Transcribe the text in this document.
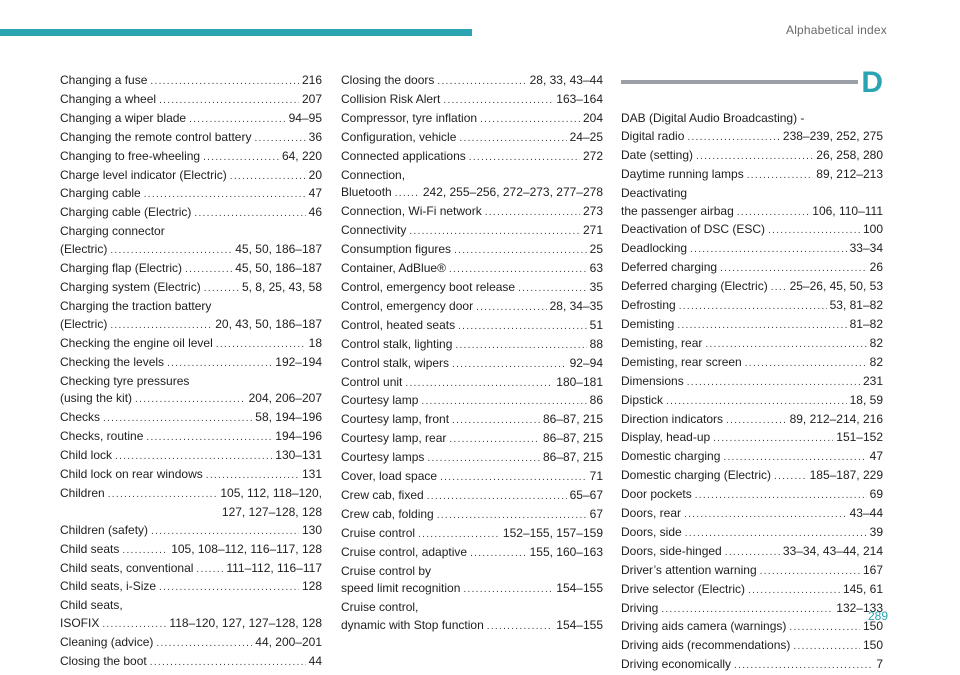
Alphabetical index
Changing a fuse .....	216
Changing a wheel .....	207
Changing a wiper blade .....	94–95
Changing the remote control battery .....	36
Changing to free-wheeling .....	64, 220
Charge level indicator (Electric) .....	20
Charging cable .....	47
Charging cable (Electric) .....	46
Charging connector
(Electric) .....	45, 50, 186–187
Charging flap (Electric) .....	45, 50, 186–187
Charging system (Electric) .....	5, 8, 25, 43, 58
Charging the traction battery
(Electric) .....	20, 43, 50, 186–187
Checking the engine oil level .....	18
Checking the levels .....	192–194
Checking tyre pressures
(using the kit) .....	204, 206–207
Checks .....	58, 194–196
Checks, routine .....	194–196
Child lock .....	130–131
Child lock on rear windows .....	131
Children .....	105, 112, 118–120,
127, 127–128, 128
Children (safety) .....	130
Child seats .....	105, 108–112, 116–117, 128
Child seats, conventional .....	111–112, 116–117
Child seats, i-Size .....	128
Child seats,
ISOFIX .....	118–120, 127, 127–128, 128
Cleaning (advice) .....	44, 200–201
Closing the boot .....	44
Closing the doors .....	28, 33, 43–44
Collision Risk Alert .....	163–164
Compressor, tyre inflation .....	204
Configuration, vehicle .....	24–25
Connected applications .....	272
Connection,
Bluetooth .....	242, 255–256, 272–273, 277–278
Connection, Wi-Fi network .....	273
Connectivity .....	271
Consumption figures .....	25
Container, AdBlue® .....	63
Control, emergency boot release .....	35
Control, emergency door .....	28, 34–35
Control, heated seats .....	51
Control stalk, lighting .....	88
Control stalk, wipers .....	92–94
Control unit .....	180–181
Courtesy lamp .....	86
Courtesy lamp, front .....	86–87, 215
Courtesy lamp, rear .....	86–87, 215
Courtesy lamps .....	86–87, 215
Cover, load space .....	71
Crew cab, fixed .....	65–67
Crew cab, folding .....	67
Cruise control .....	152–155, 157–159
Cruise control, adaptive .....	155, 160–163
Cruise control by
speed limit recognition .....	154–155
Cruise control,
dynamic with Stop function .....	154–155
D
DAB (Digital Audio Broadcasting) -
Digital radio .....	238–239, 252, 275
Date (setting) .....	26, 258, 280
Daytime running lamps .....	89, 212–213
Deactivating
the passenger airbag .....	106, 110–111
Deactivation of DSC (ESC) .....	100
Deadlocking .....	33–34
Deferred charging .....	26
Deferred charging (Electric) ..... 25–26, 45, 50, 53
Defrosting .....	53, 81–82
Demisting .....	81–82
Demisting, rear .....	82
Demisting, rear screen .....	82
Dimensions .....	231
Dipstick .....	18, 59
Direction indicators .....	89, 212–214, 216
Display, head-up .....	151–152
Domestic charging .....	47
Domestic charging (Electric) .....	185–187, 229
Door pockets .....	69
Doors, rear .....	43–44
Doors, side .....	39
Doors, side-hinged .....	33–34, 43–44, 214
Driver’s attention warning .....	167
Drive selector (Electric) .....	145, 61
Driving .....	132–133
Driving aids camera (warnings) .....	150
Driving aids (recommendations) .....	150
Driving economically .....	7
289
